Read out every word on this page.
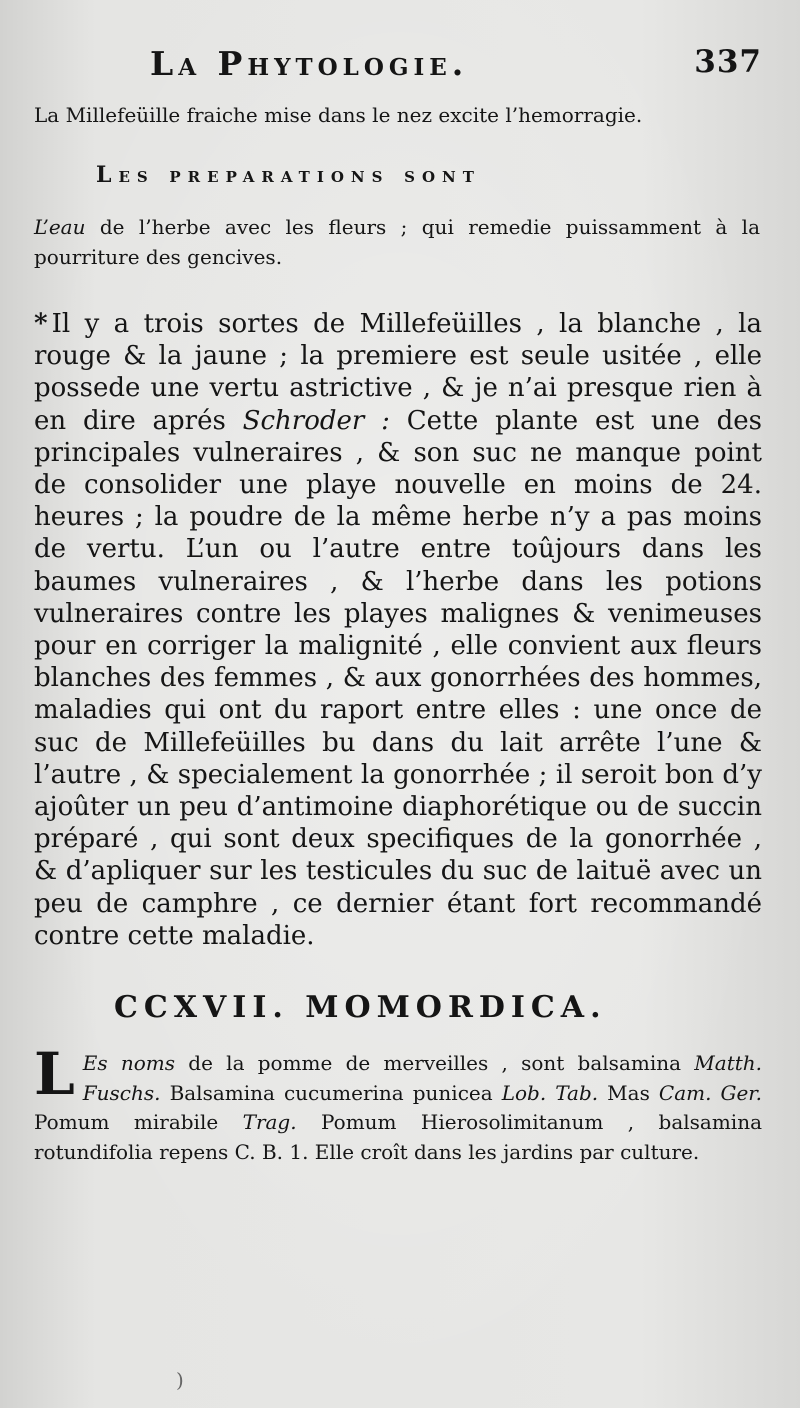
La Phytologie.	337

La Millefeüille fraiche mise dans le nez excite l’hemorragie.

Les preparations sont

L’eau de l’herbe avec les fleurs ; qui remedie puissamment à la pourriture des gencives.

* Il y a trois sortes de Millefeüilles , la blanche , la rouge & la jaune ; la premiere est seule usitée , elle possede une vertu astrictive , & je n’ai presque rien à en dire aprés Schroder : Cette plante est une des principales vulneraires , & son suc ne manque point de consolider une playe nouvelle en moins de 24. heures ; la poudre de la même herbe n’y a pas moins de vertu. L’un ou l’autre entre toûjours dans les baumes vulneraires , & l’herbe dans les potions vulneraires contre les playes malignes & venimeuses pour en corriger la malignité , elle convient aux fleurs blanches des femmes , & aux gonorrhées des hommes, maladies qui ont du raport entre elles : une once de suc de Millefeüilles bu dans du lait arrête l’une & l’autre , & specialement la gonorrhée ; il seroit bon d’y ajoûter un peu d’antimoine diaphorétique ou de succin préparé , qui sont deux specifiques de la gonorrhée , & d’apliquer sur les testicules du suc de laituë avec un peu de camphre , ce dernier étant fort recommandé contre cette maladie.

CCXVII. MOMORDICA.
L Es noms de la pomme de merveilles , sont balsamina Matth. Fuschs. Balsamina cucumerina punicea Lob. Tab. Mas Cam. Ger. Pomum mirabile Trag. Pomum Hierosolimitanum , balsamina rotundifolia repens C. B. 1. Elle croît dans les jardins par culture.

)
